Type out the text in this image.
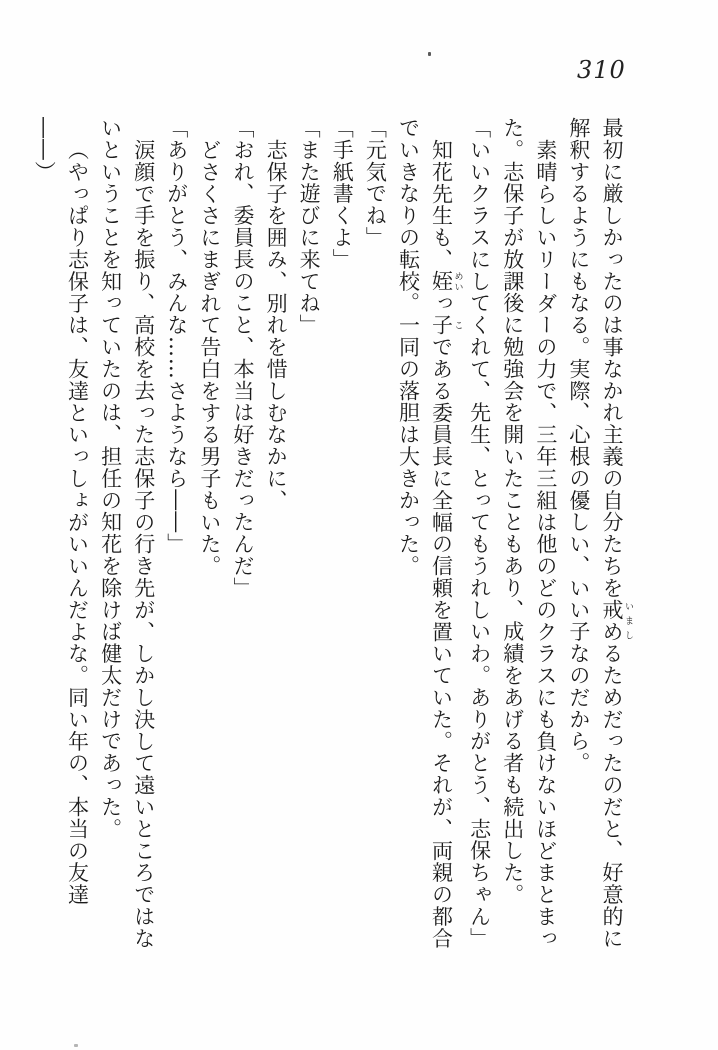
310
最初に厳しかったのは事なかれ主義の自分たちを戒め いましるためだったのだと、好意的に
解釈するようにもなる。実際、心根の優しい、いい子なのだから。
素晴らしいリーダーの力で、三年三組は他のどのクラスにも負けないほどまとまっ
た。志保子が放課後に勉強会を開いたこともあり、成績をあげる者も続出した。
「いいクラスにしてくれて、先生、とってもうれしいわ。ありがとう、志保ちゃん」
知花先生も、姪 めいっ子 こである委員長に全幅の信頼を置いていた。それが、両親の都合
でいきなりの転校。一同の落胆は大きかった。
「元気でね」
「手紙書くよ」
「また遊びに来てね」
志保子を囲み、別れを惜しむなかに、
「おれ、委員長のこと、本当は好きだったんだ」
どさくさにまぎれて告白をする男子もいた。
「ありがとう、みんな……さようなら――」
涙顔で手を振り、高校を去った志保子の行き先が、しかし決して遠いところではな
いということを知っていたのは、担任の知花を除けば健太だけであった。
（やっぱり志保子は、友達といっしょがいいんだよな。同い年の、本当の友達――）
